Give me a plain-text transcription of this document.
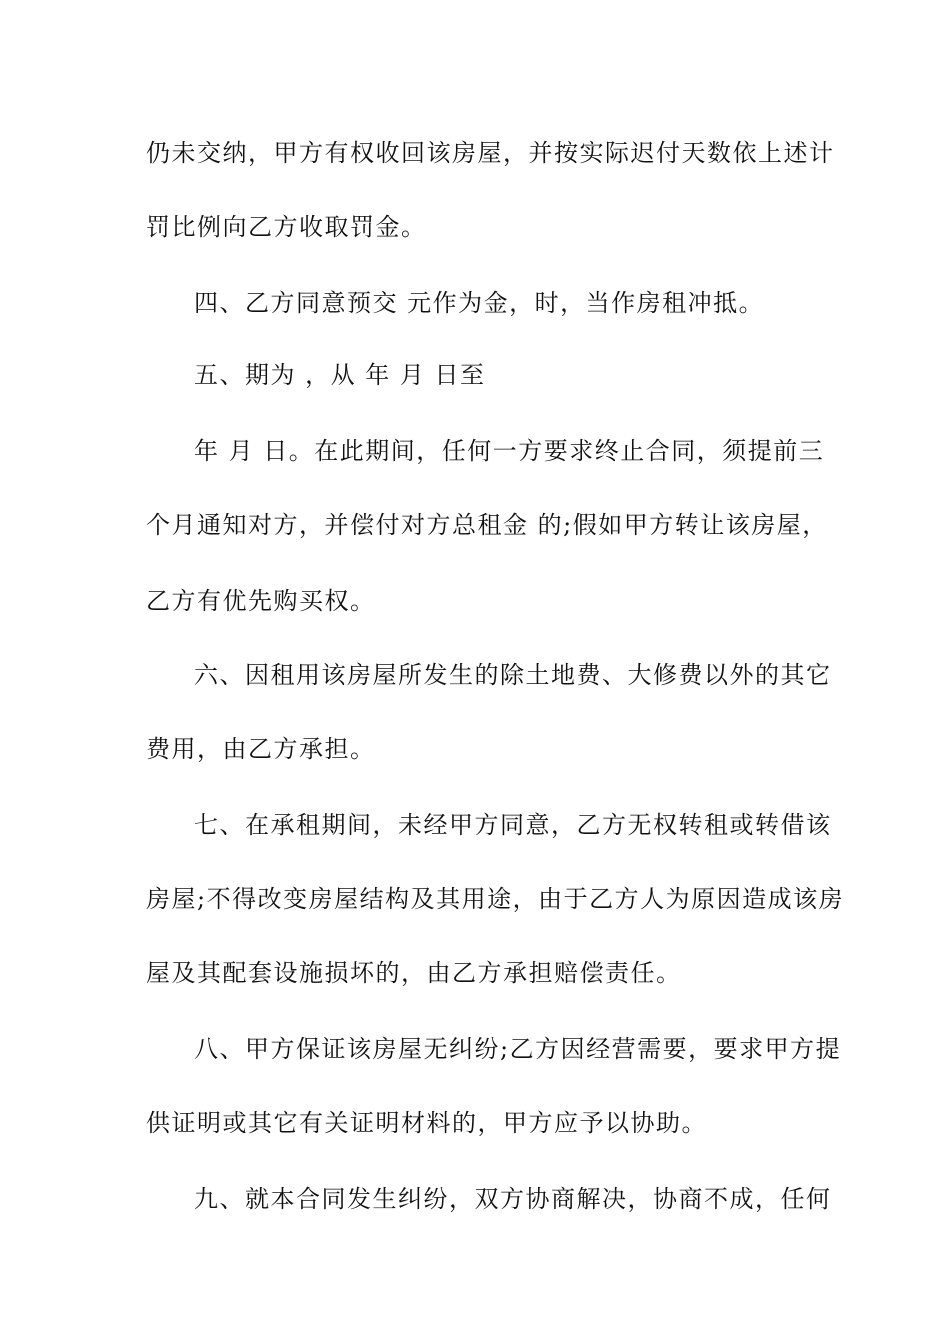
仍未交纳，甲方有权收回该房屋，并按实际迟付天数依上述计
罚比例向乙方收取罚金。
四、乙方同意预交 元作为金，时，当作房租冲抵。
五、期为 ，从 年 月 日至
年 月 日。在此期间，任何一方要求终止合同，须提前三
个月通知对方，并偿付对方总租金 的;假如甲方转让该房屋，
乙方有优先购买权。
六、因租用该房屋所发生的除土地费、大修费以外的其它
费用，由乙方承担。
七、在承租期间，未经甲方同意，乙方无权转租或转借该
房屋;不得改变房屋结构及其用途，由于乙方人为原因造成该房
屋及其配套设施损坏的，由乙方承担赔偿责任。
八、甲方保证该房屋无纠纷;乙方因经营需要，要求甲方提
供证明或其它有关证明材料的，甲方应予以协助。
九、就本合同发生纠纷，双方协商解决，协商不成，任何
